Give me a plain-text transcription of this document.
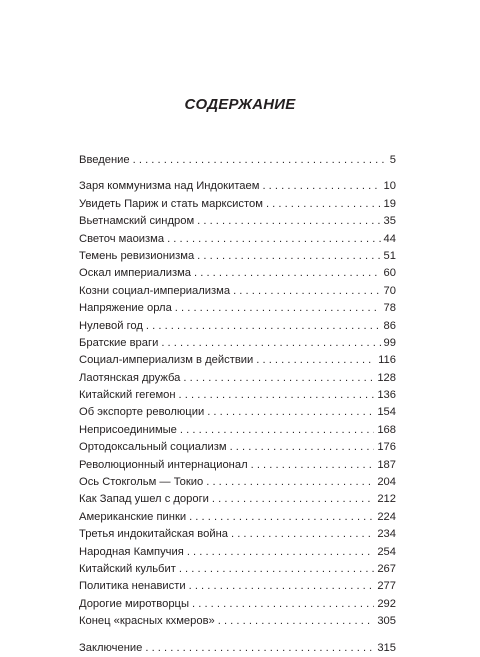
СОДЕРЖАНИЕ
Введение . . .	5
Заря коммунизма над Индокитаем . . .	10
Увидеть Париж и стать марксистом . . .	19
Вьетнамский синдром . . .	35
Светоч маоизма . . .	44
Темень ревизионизма . . .	51
Оскал империализма . . .	60
Козни социал-империализма . . .	70
Напряжение орла . . .	78
Нулевой год . . .	86
Братские враги . . .	99
Социал-империализм в действии . . .	116
Лаотянская дружба . . .	128
Китайский гегемон . . .	136
Об экспорте революции . . .	154
Неприсоединимые . . .	168
Ортодоксальный социализм . . .	176
Революционный интернационал . . .	187
Ось Стокгольм — Токио . . .	204
Как Запад ушел с дороги . . .	212
Американские пинки . . .	224
Третья индокитайская война . . .	234
Народная Кампучия . . .	254
Китайский кульбит . . .	267
Политика ненависти . . .	277
Дорогие миротворцы . . .	292
Конец «красных кхмеров» . . .	305
Заключение . . .	315
